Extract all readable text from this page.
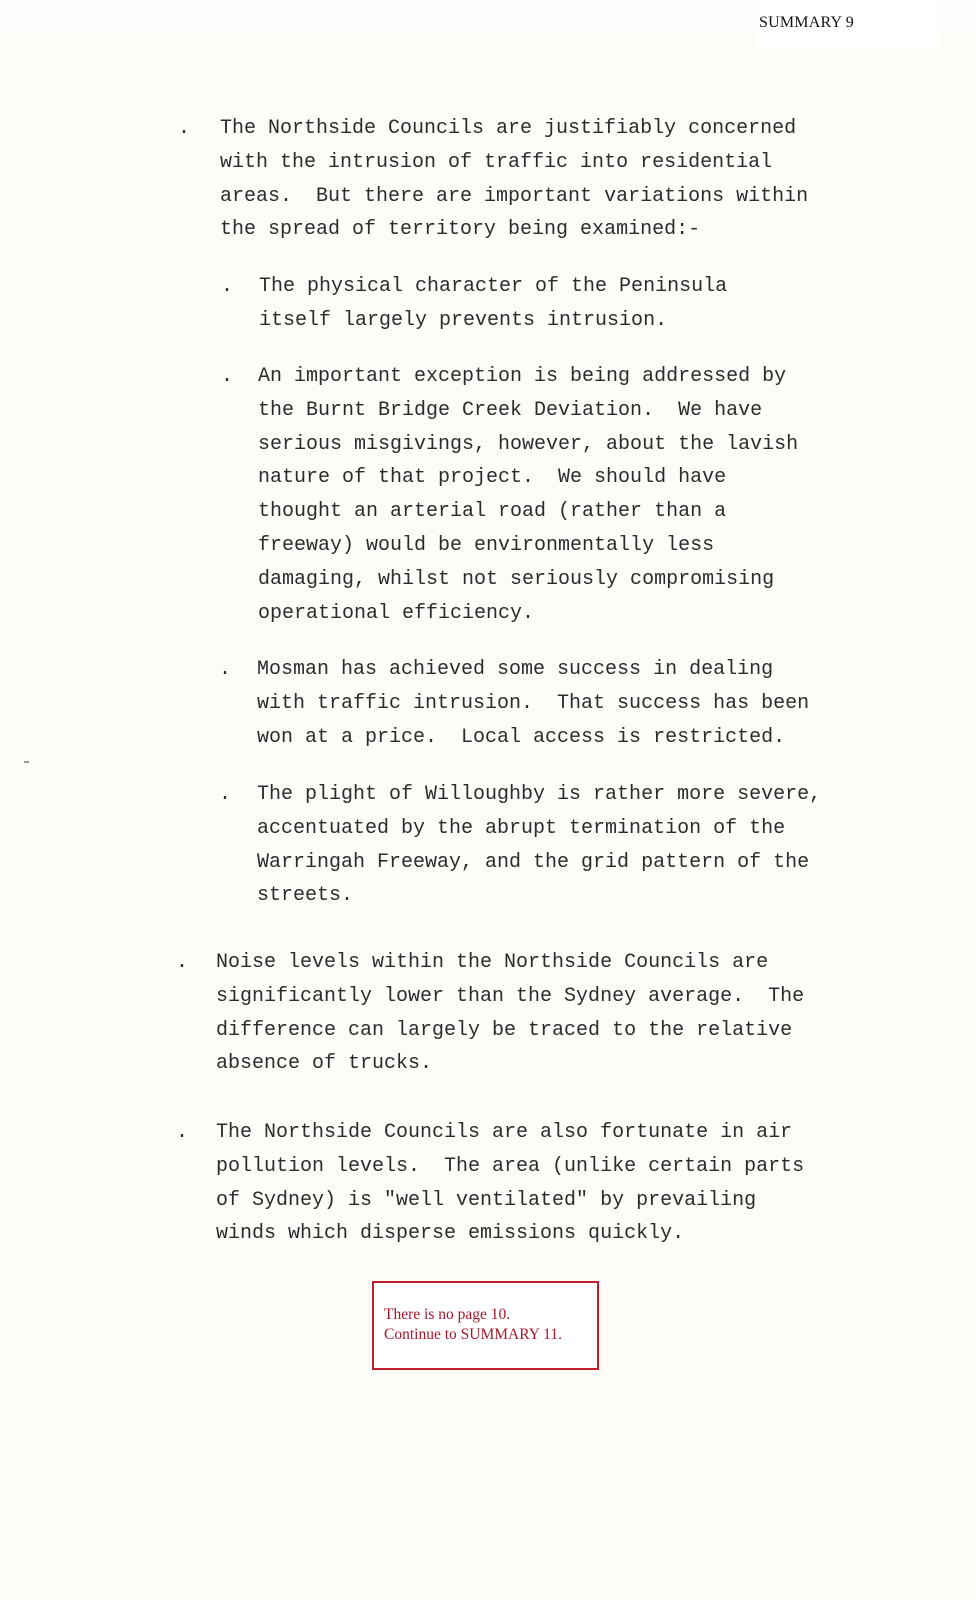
SUMMARY 9
. The Northside Councils are justifiably concerned
with the intrusion of traffic into residential
areas.  But there are important variations within
the spread of territory being examined:-

. The physical character of the Peninsula
itself largely prevents intrusion.

. An important exception is being addressed by
the Burnt Bridge Creek Deviation.  We have
serious misgivings, however, about the lavish
nature of that project.  We should have
thought an arterial road (rather than a
freeway) would be environmentally less
damaging, whilst not seriously compromising
operational efficiency.

. Mosman has achieved some success in dealing
with traffic intrusion.  That success has been
won at a price.  Local access is restricted.

. The plight of Willoughby is rather more severe,
accentuated by the abrupt termination of the
Warringah Freeway, and the grid pattern of the
streets.

. Noise levels within the Northside Councils are
significantly lower than the Sydney average.  The
difference can largely be traced to the relative
absence of trucks.

. The Northside Councils are also fortunate in air
pollution levels.  The area (unlike certain parts
of Sydney) is "well ventilated" by prevailing
winds which disperse emissions quickly.

There is no page 10.
Continue to SUMMARY 11.
